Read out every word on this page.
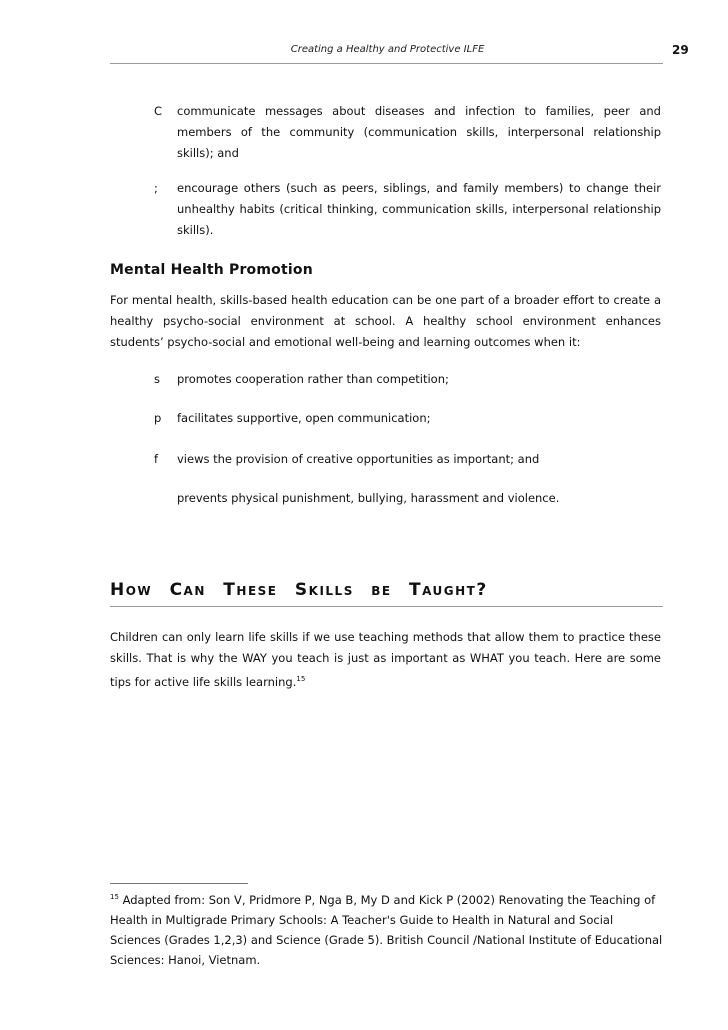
Creating a Healthy and Protective ILFE	29
C communicate messages about diseases and infection to families, peer and members of the community (communication skills, interpersonal relationship skills); and
; encourage others (such as peers, siblings, and family members) to change their unhealthy habits (critical thinking, communication skills, interpersonal relationship skills).
Mental Health Promotion
For mental health, skills-based health education can be one part of a broader effort to create a healthy psycho-social environment at school. A healthy school environment enhances students’ psycho-social and emotional well-being and learning outcomes when it:
s promotes cooperation rather than competition;
p facilitates supportive, open communication;
f views the provision of creative opportunities as important; and
prevents physical punishment, bullying, harassment and violence.
How Can These Skills be Taught?
Children can only learn life skills if we use teaching methods that allow them to practice these skills. That is why the WAY you teach is just as important as WHAT you teach. Here are some tips for active life skills learning.$^{15}$
$^{15}$ Adapted from: Son V, Pridmore P, Nga B, My D and Kick P (2002) Renovating the Teaching of Health in Multigrade Primary Schools: A Teacher's Guide to Health in Natural and Social Sciences (Grades 1,2,3) and Science (Grade 5). British Council /National Institute of Educational Sciences: Hanoi, Vietnam.
